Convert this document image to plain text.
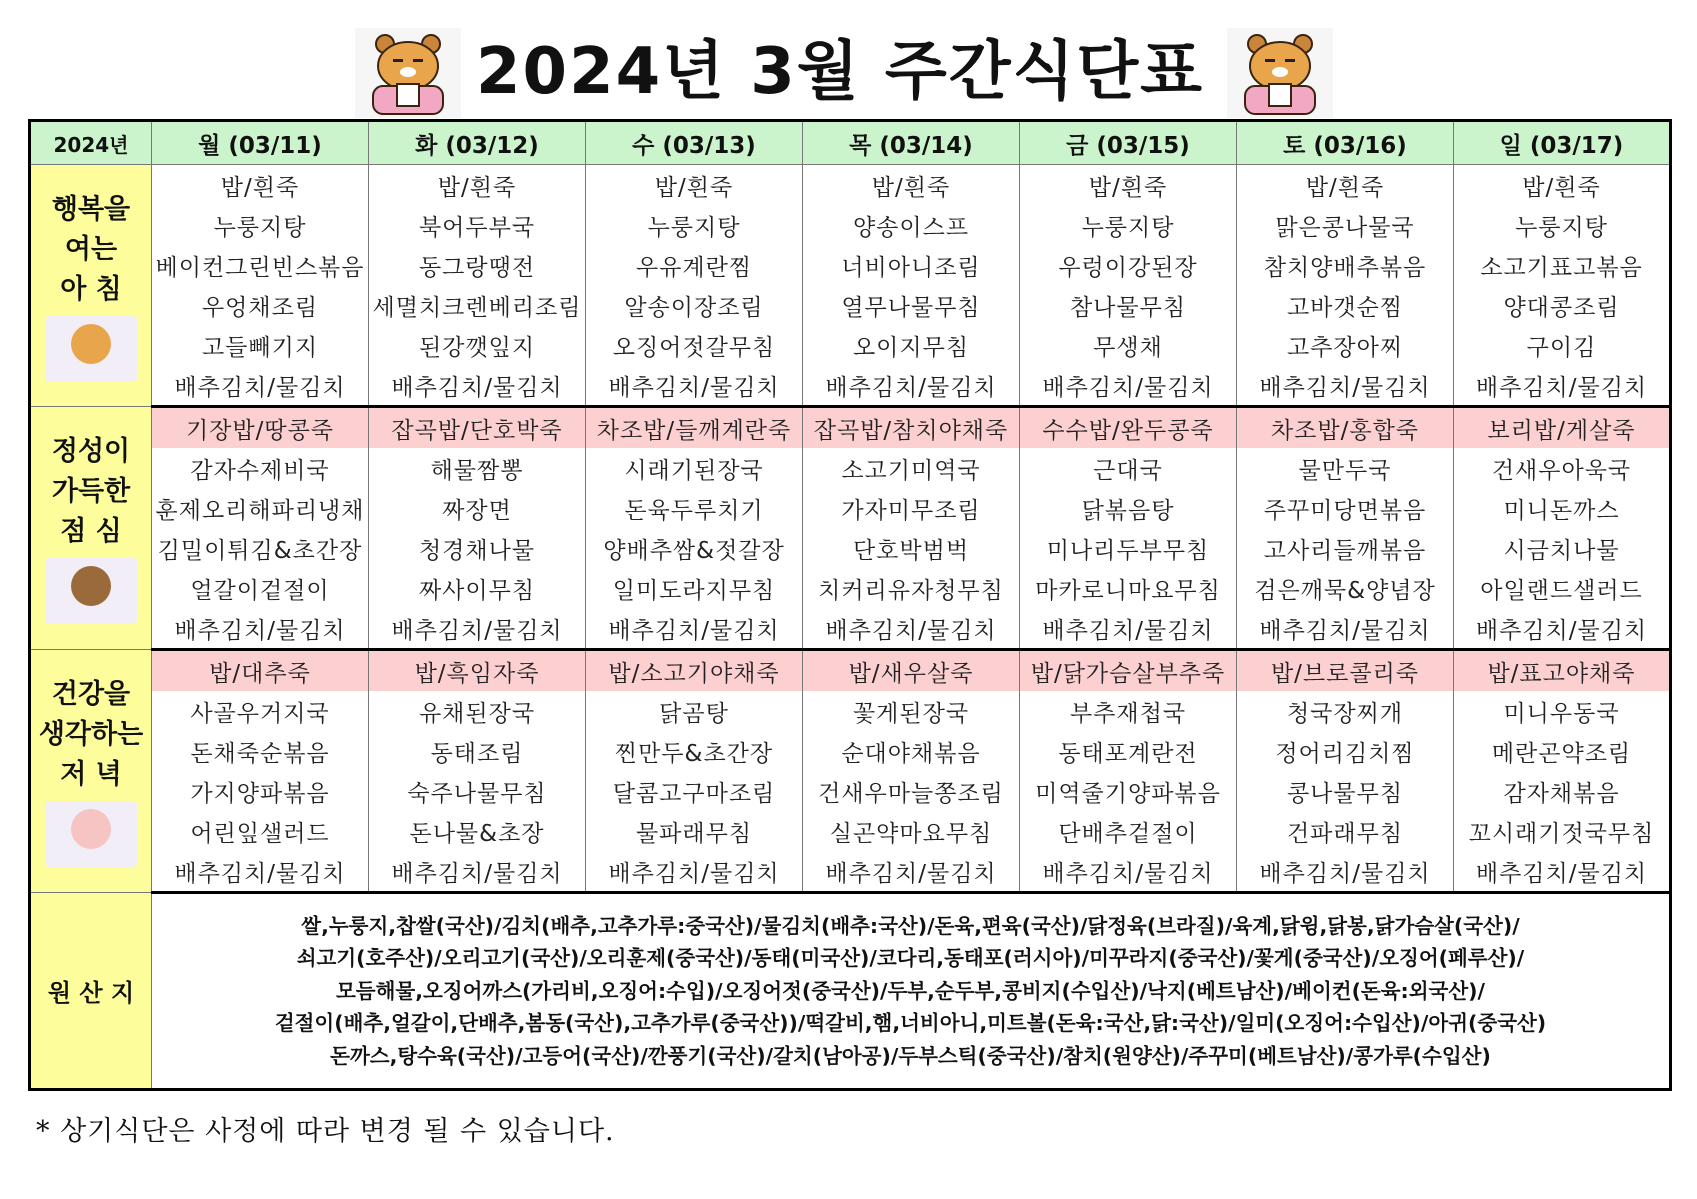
2024년 3월 주간식단표
2024년	월 (03/11)	화 (03/12)	수 (03/13)	목 (03/14)	금 (03/15)	토 (03/16)	일 (03/17)

행복을
여는
아 침	밥/흰죽	밥/흰죽	밥/흰죽	밥/흰죽	밥/흰죽	밥/흰죽	밥/흰죽
	누룽지탕	북어두부국	누룽지탕	양송이스프	누룽지탕	맑은콩나물국	누룽지탕
	베이컨그린빈스볶음	동그랑땡전	우유계란찜	너비아니조림	우렁이강된장	참치양배추볶음	소고기표고볶음
	우엉채조림	세멸치크렌베리조림	알송이장조림	열무나물무침	참나물무침	고바갯순찜	양대콩조림
	고들빼기지	된강깻잎지	오징어젓갈무침	오이지무침	무생채	고추장아찌	구이김
	배추김치/물김치	배추김치/물김치	배추김치/물김치	배추김치/물김치	배추김치/물김치	배추김치/물김치	배추김치/물김치

정성이
가득한
점 심	기장밥/땅콩죽	잡곡밥/단호박죽	차조밥/들깨계란죽	잡곡밥/참치야채죽	수수밥/완두콩죽	차조밥/홍합죽	보리밥/게살죽
	감자수제비국	해물짬뽕	시래기된장국	소고기미역국	근대국	물만두국	건새우아욱국
	훈제오리해파리냉채	짜장면	돈육두루치기	가자미무조림	닭볶음탕	주꾸미당면볶음	미니돈까스
	김밀이튀김&초간장	청경채나물	양배추쌈&젓갈장	단호박범벅	미나리두부무침	고사리들깨볶음	시금치나물
	얼갈이겉절이	짜사이무침	일미도라지무침	치커리유자청무침	마카로니마요무침	검은깨묵&양념장	아일랜드샐러드
	배추김치/물김치	배추김치/물김치	배추김치/물김치	배추김치/물김치	배추김치/물김치	배추김치/물김치	배추김치/물김치

건강을
생각하는
저 녁	밥/대추죽	밥/흑임자죽	밥/소고기야채죽	밥/새우살죽	밥/닭가슴살부추죽	밥/브로콜리죽	밥/표고야채죽
	사골우거지국	유채된장국	닭곰탕	꽃게된장국	부추재첩국	청국장찌개	미니우동국
	돈채죽순볶음	동태조림	찐만두&초간장	순대야채볶음	동태포계란전	정어리김치찜	메란곤약조림
	가지양파볶음	숙주나물무침	달콤고구마조림	건새우마늘쫑조림	미역줄기양파볶음	콩나물무침	감자채볶음
	어린잎샐러드	돈나물&초장	물파래무침	실곤약마요무침	단배추겉절이	건파래무침	꼬시래기젓국무침
	배추김치/물김치	배추김치/물김치	배추김치/물김치	배추김치/물김치	배추김치/물김치	배추김치/물김치	배추김치/물김치
원 산 지	쌀,누룽지,찹쌀(국산)/김치(배추,고추가루:중국산)/물김치(배추:국산)/돈육,편육(국산)/닭정육(브라질)/육계,닭윙,닭봉,닭가슴살(국산)/
쇠고기(호주산)/오리고기(국산)/오리훈제(중국산)/동태(미국산)/코다리,동태포(러시아)/미꾸라지(중국산)/꽃게(중국산)/오징어(페루산)/
모듬해물,오징어까스(가리비,오징어:수입)/오징어젓(중국산)/두부,순두부,콩비지(수입산)/낙지(베트남산)/베이컨(돈육:외국산)/
겉절이(배추,얼갈이,단배추,봄동(국산),고추가루(중국산))/떡갈비,햄,너비아니,미트볼(돈육:국산,닭:국산)/일미(오징어:수입산)/아귀(중국산)
돈까스,탕수육(국산)/고등어(국산)/깐풍기(국산)/갈치(남아공)/두부스틱(중국산)/참치(원양산)/주꾸미(베트남산)/콩가루(수입산)						
* 상기식단은 사정에 따라 변경 될 수 있습니다.
